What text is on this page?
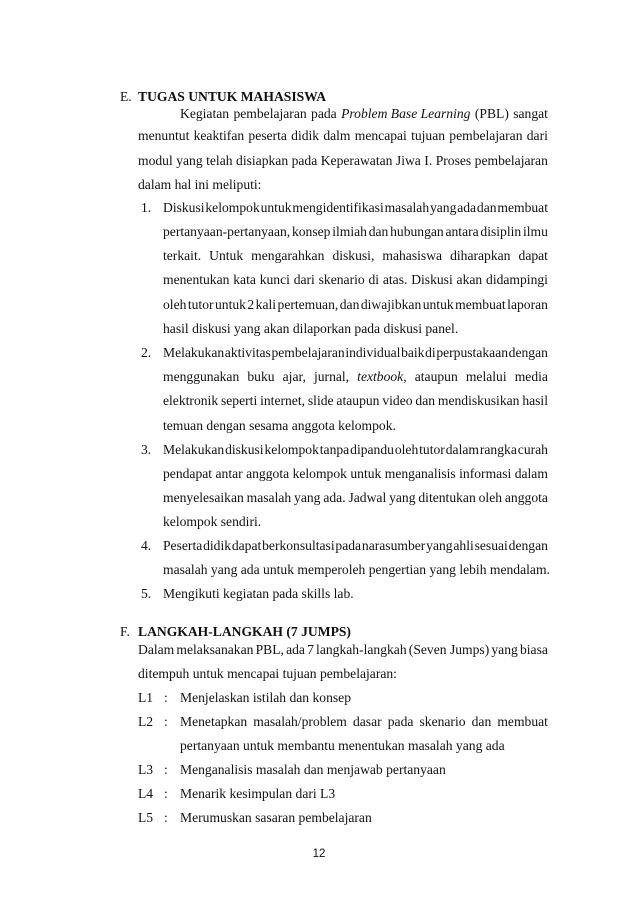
E. TUGAS UNTUK MAHASISWA
Kegiatan pembelajaran pada Problem Base Learning (PBL) sangat
menuntut keaktifan peserta didik dalm mencapai tujuan pembelajaran dari
modul yang telah disiapkan pada Keperawatan Jiwa I. Proses pembelajaran
dalam hal ini meliputi:
1. Diskusi kelompok untuk mengidentifikasi masalah yang ada dan membuat
pertanyaan-pertanyaan, konsep ilmiah dan hubungan antara disiplin ilmu
terkait. Untuk mengarahkan diskusi, mahasiswa diharapkan dapat
menentukan kata kunci dari skenario di atas. Diskusi akan didampingi
oleh tutor untuk 2 kali pertemuan, dan diwajibkan untuk membuat laporan
hasil diskusi yang akan dilaporkan pada diskusi panel.
2. Melakukan aktivitas pembelajaran individual baik di perpustakaan dengan
menggunakan buku ajar, jurnal, textbook, ataupun melalui media
elektronik seperti internet, slide ataupun video dan mendiskusikan hasil
temuan dengan sesama anggota kelompok.
3. Melakukan diskusi kelompok tanpa dipandu oleh tutor dalam rangka curah
pendapat antar anggota kelompok untuk menganalisis informasi dalam
menyelesaikan masalah yang ada. Jadwal yang ditentukan oleh anggota
kelompok sendiri.
4. Peserta didik dapat berkonsultasi pada narasumber yang ahli sesuai dengan
masalah yang ada untuk memperoleh pengertian yang lebih mendalam.
5. Mengikuti kegiatan pada skills lab.
F. LANGKAH-LANGKAH (7 JUMPS)
Dalam melaksanakan PBL, ada 7 langkah-langkah (Seven Jumps) yang biasa
ditempuh untuk mencapai tujuan pembelajaran:
L1 : Menjelaskan istilah dan konsep
L2 : Menetapkan masalah/problem dasar pada skenario dan membuat
pertanyaan untuk membantu menentukan masalah yang ada
L3 : Menganalisis masalah dan menjawab pertanyaan
L4 : Menarik kesimpulan dari L3
L5 : Merumuskan sasaran pembelajaran
12
